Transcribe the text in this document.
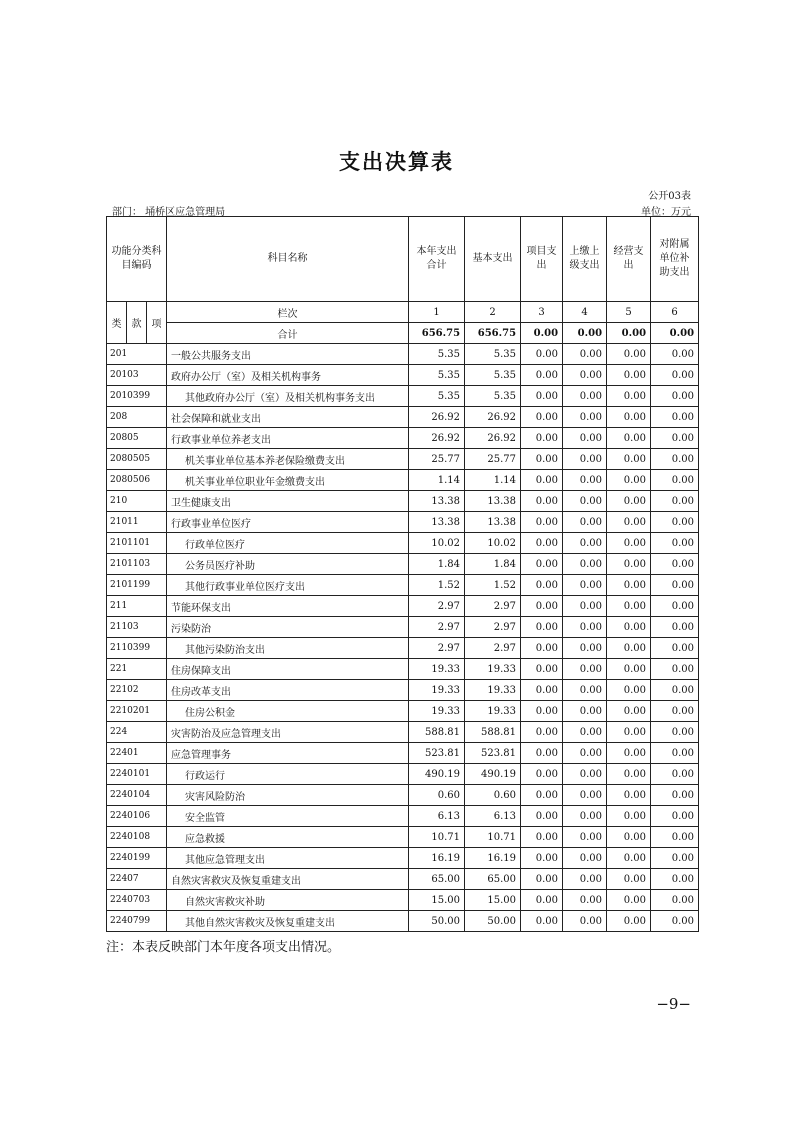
支出决算表
公开03表
部门： 埇桥区应急管理局	单位：万元
功能分类科目编码			科目名称	本年支出合计	基本支出	项目支出	上缴上级支出	经营支出	对附属单位补助支出
类	款	项	栏次	1	2	3	4	5	6
			合计	656.75	656.75	0.00	0.00	0.00	0.00
201			一般公共服务支出	5.35	5.35	0.00	0.00	0.00	0.00
20103			政府办公厅（室）及相关机构事务	5.35	5.35	0.00	0.00	0.00	0.00
2010399			其他政府办公厅（室）及相关机构事务支出	5.35	5.35	0.00	0.00	0.00	0.00
208			社会保障和就业支出	26.92	26.92	0.00	0.00	0.00	0.00
20805			行政事业单位养老支出	26.92	26.92	0.00	0.00	0.00	0.00
2080505			机关事业单位基本养老保险缴费支出	25.77	25.77	0.00	0.00	0.00	0.00
2080506			机关事业单位职业年金缴费支出	1.14	1.14	0.00	0.00	0.00	0.00
210			卫生健康支出	13.38	13.38	0.00	0.00	0.00	0.00
21011			行政事业单位医疗	13.38	13.38	0.00	0.00	0.00	0.00
2101101			行政单位医疗	10.02	10.02	0.00	0.00	0.00	0.00
2101103			公务员医疗补助	1.84	1.84	0.00	0.00	0.00	0.00
2101199			其他行政事业单位医疗支出	1.52	1.52	0.00	0.00	0.00	0.00
211			节能环保支出	2.97	2.97	0.00	0.00	0.00	0.00
21103			污染防治	2.97	2.97	0.00	0.00	0.00	0.00
2110399			其他污染防治支出	2.97	2.97	0.00	0.00	0.00	0.00
221			住房保障支出	19.33	19.33	0.00	0.00	0.00	0.00
22102			住房改革支出	19.33	19.33	0.00	0.00	0.00	0.00
2210201			住房公积金	19.33	19.33	0.00	0.00	0.00	0.00
224			灾害防治及应急管理支出	588.81	588.81	0.00	0.00	0.00	0.00
22401			应急管理事务	523.81	523.81	0.00	0.00	0.00	0.00
2240101			行政运行	490.19	490.19	0.00	0.00	0.00	0.00
2240104			灾害风险防治	0.60	0.60	0.00	0.00	0.00	0.00
2240106			安全监管	6.13	6.13	0.00	0.00	0.00	0.00
2240108			应急救援	10.71	10.71	0.00	0.00	0.00	0.00
2240199			其他应急管理支出	16.19	16.19	0.00	0.00	0.00	0.00
22407			自然灾害救灾及恢复重建支出	65.00	65.00	0.00	0.00	0.00	0.00
2240703			自然灾害救灾补助	15.00	15.00	0.00	0.00	0.00	0.00
2240799			其他自然灾害救灾及恢复重建支出	50.00	50.00	0.00	0.00	0.00	0.00
注：本表反映部门本年度各项支出情况。
−9−
